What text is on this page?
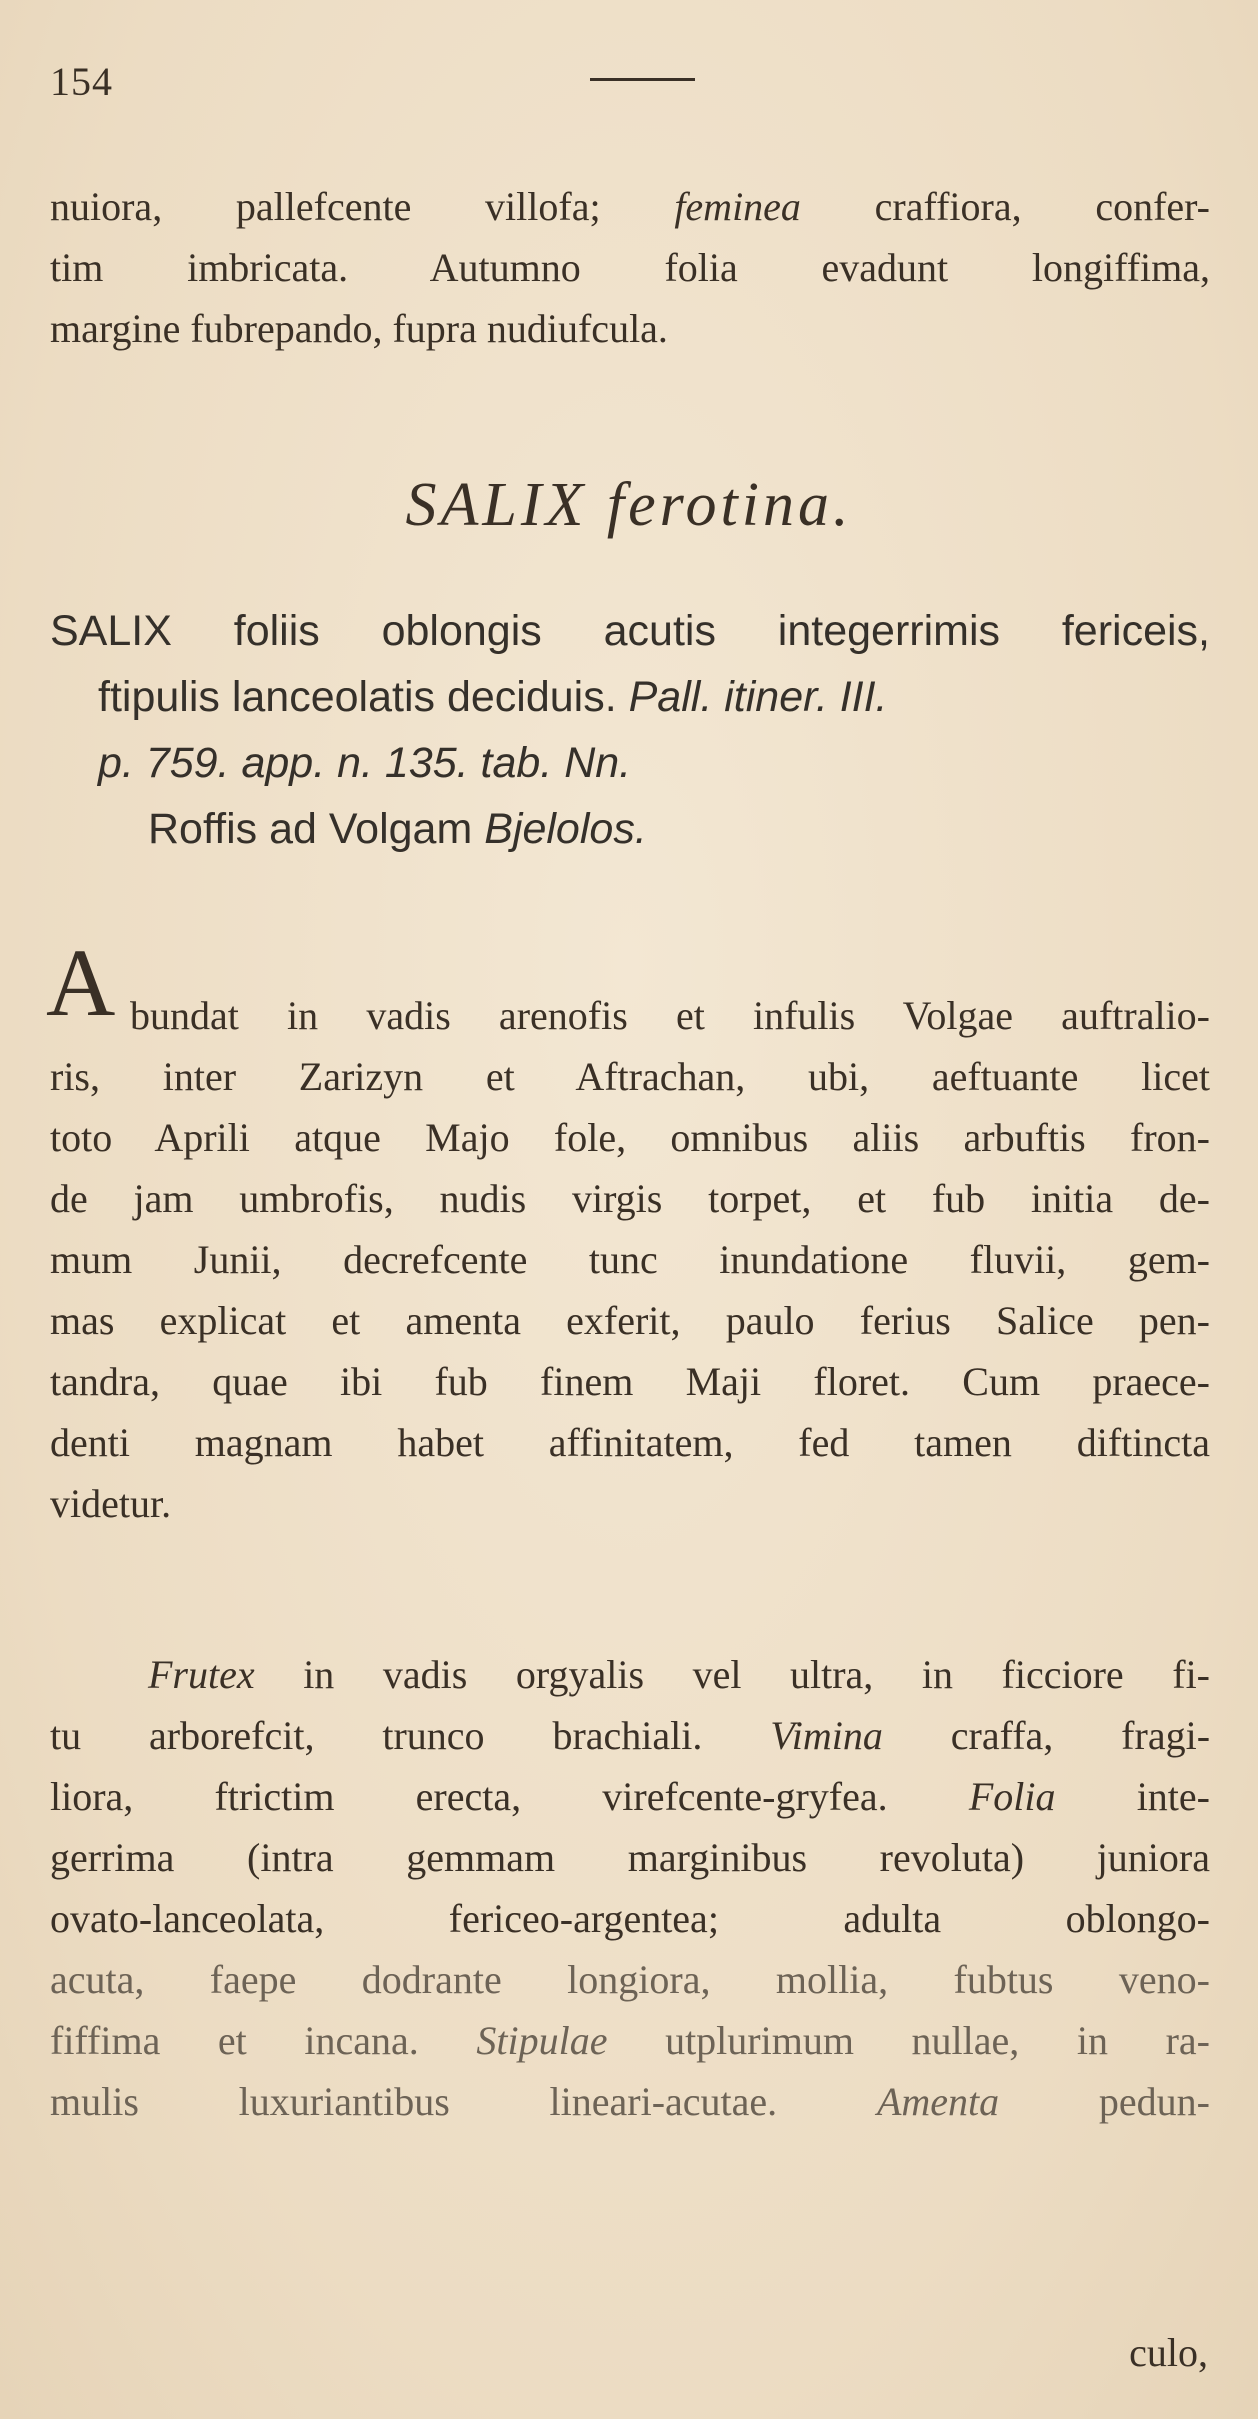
154
nuiora, pallefcente villofa; feminea craffiora, confer-
tim imbricata. Autumno folia evadunt longiffima,
margine fubrepando, fupra nudiufcula.
SALIX ferotina.
SALIX foliis oblongis acutis integerrimis fericeis,
ftipulis lanceolatis deciduis. Pall. itiner. III.
p. 759. app. n. 135. tab. Nn.
Roffis ad Volgam Bjelolos.
A bundat in vadis arenofis et infulis Volgae auftralio-
ris, inter Zarizyn et Aftrachan, ubi, aeftuante licet
toto Aprili atque Majo fole, omnibus aliis arbuftis fron-
de jam umbrofis, nudis virgis torpet, et fub initia de-
mum Junii, decrefcente tunc inundatione fluvii, gem-
mas explicat et amenta exferit, paulo ferius Salice pen-
tandra, quae ibi fub finem Maji floret. Cum praece-
denti magnam habet affinitatem, fed tamen diftincta
videtur.
Frutex in vadis orgyalis vel ultra, in ficciore fi-
tu arborefcit, trunco brachiali. Vimina craffa, fragi-
liora, ftrictim erecta, virefcente-gryfea. Folia inte-
gerrima (intra gemmam marginibus revoluta) juniora
ovato-lanceolata, fericeo-argentea; adulta oblongo-
acuta, faepe dodrante longiora, mollia, fubtus veno-
fiffima et incana. Stipulae utplurimum nullae, in ra-
mulis luxuriantibus lineari-acutae. Amenta pedun-
culo,
